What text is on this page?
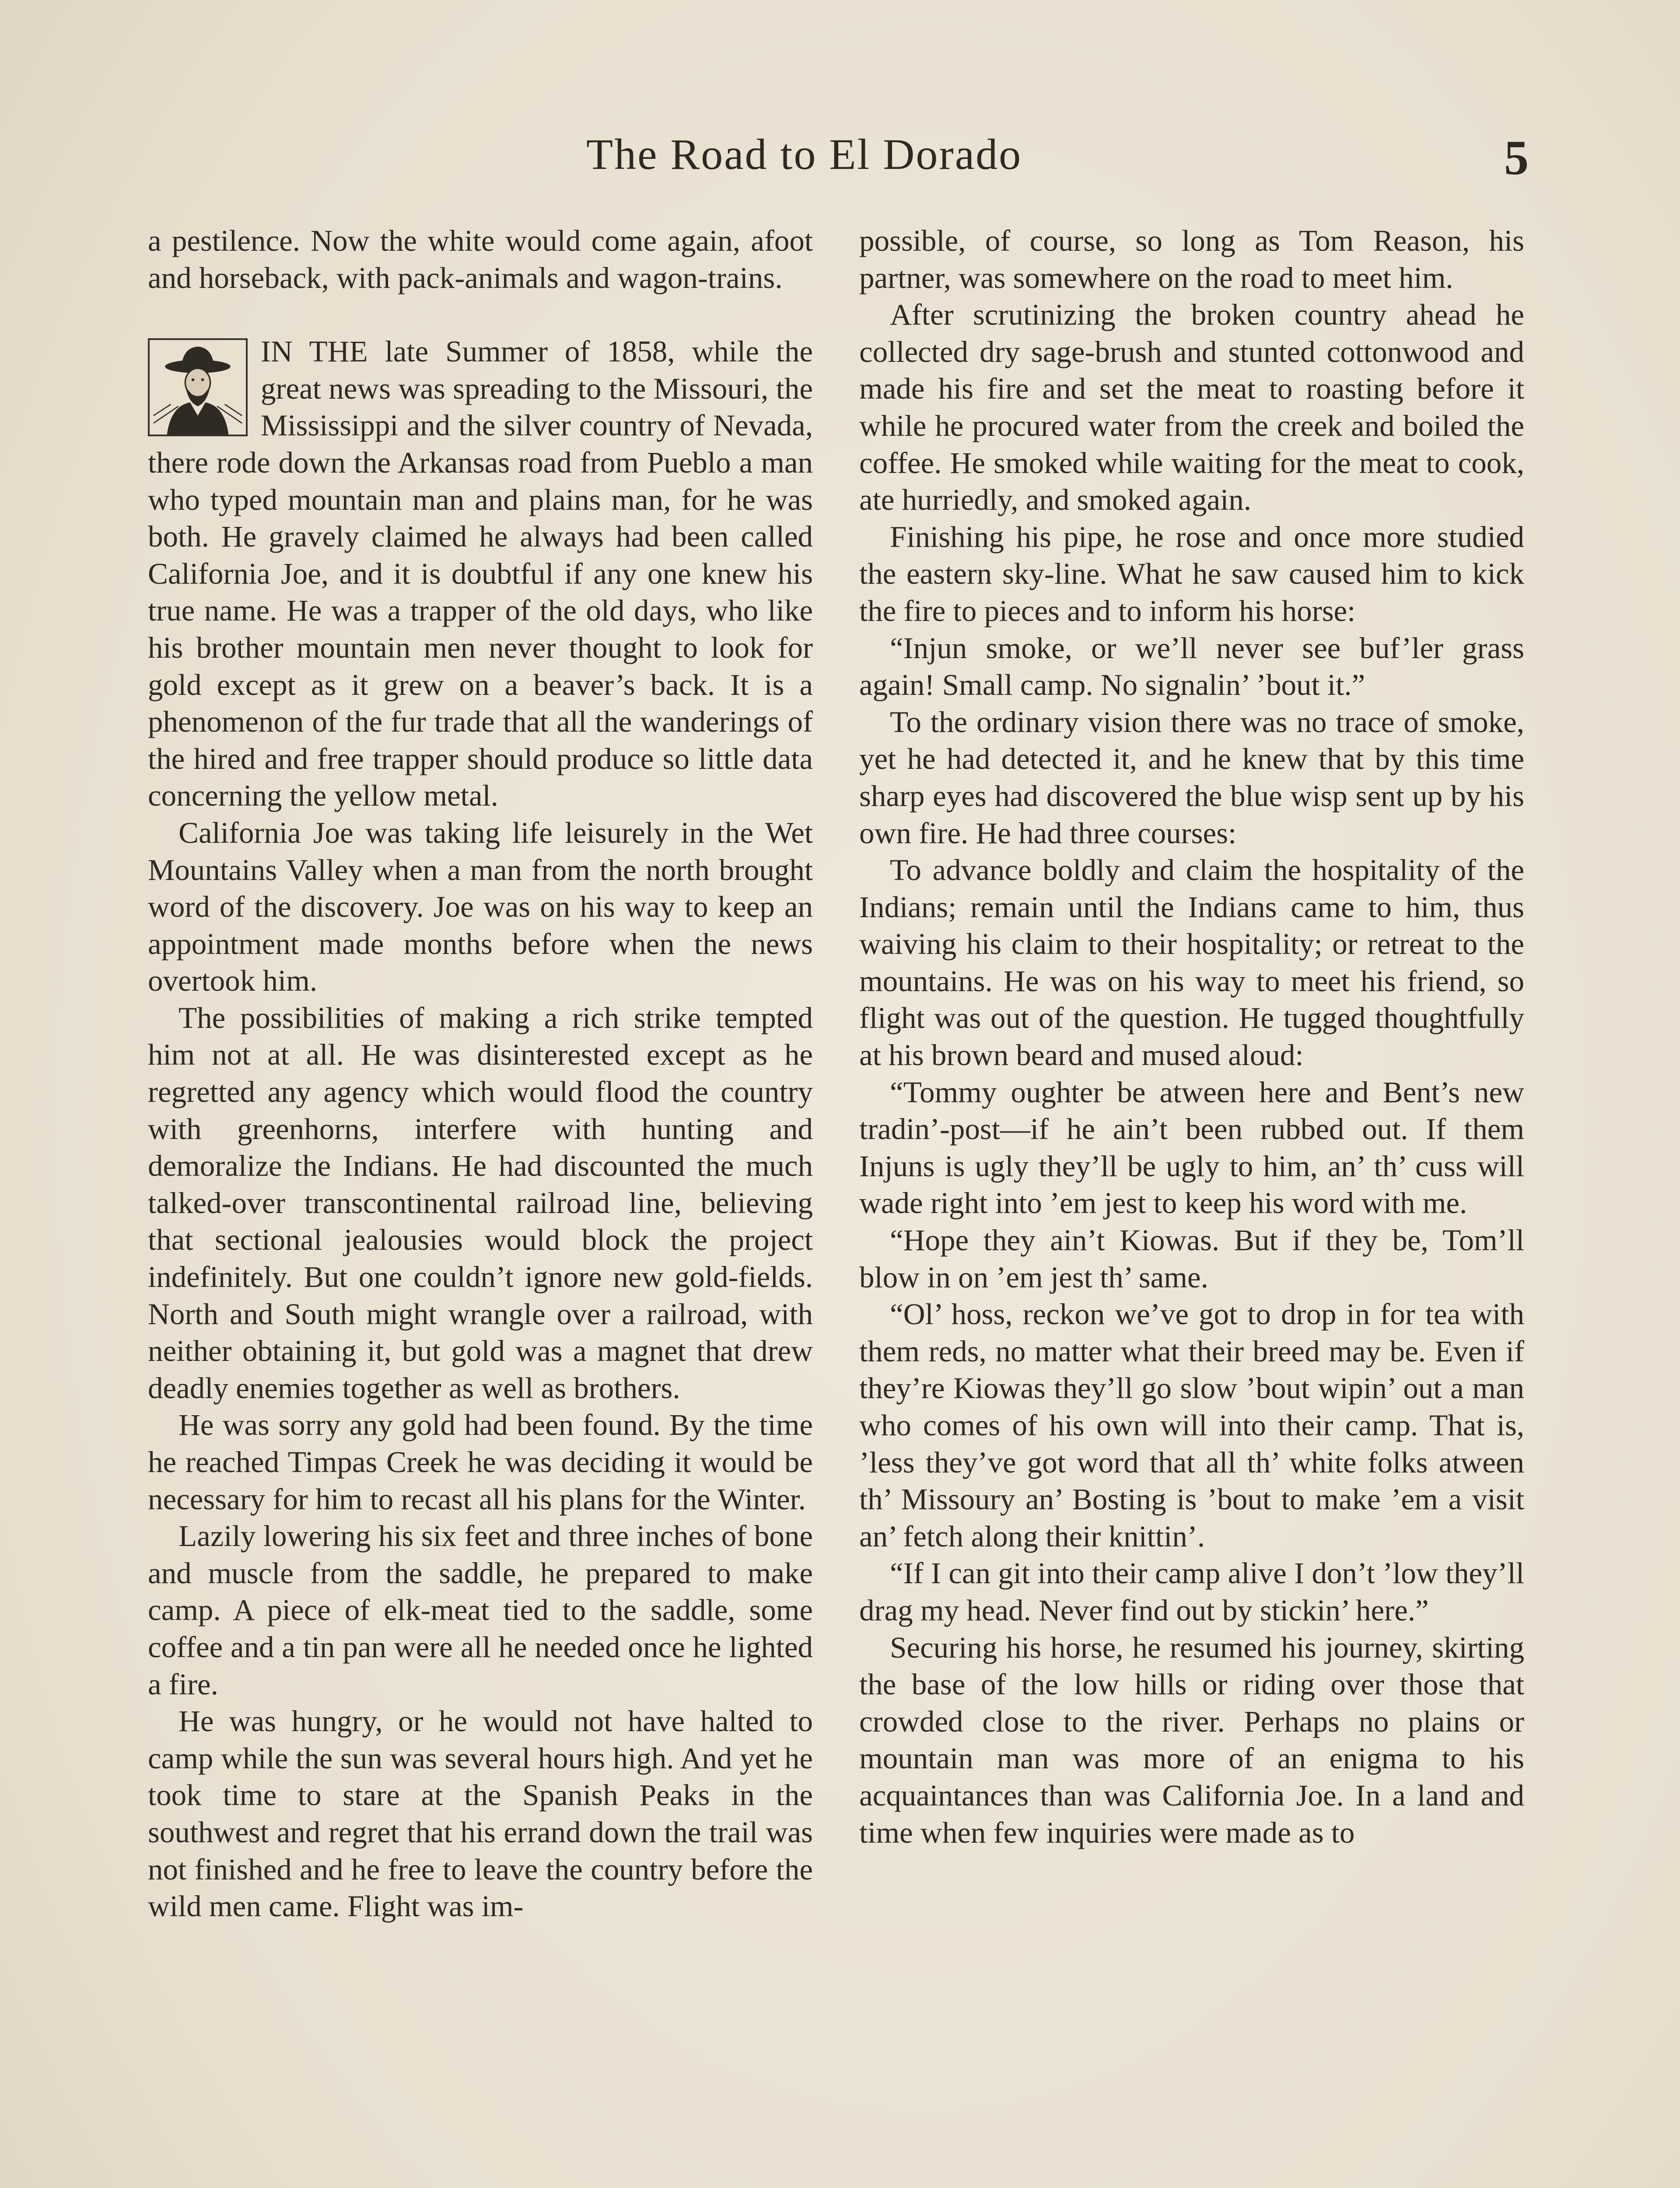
The Road to El Dorado	5

a pestilence. Now the white would come again, afoot and horseback, with pack-animals and wagon-trains.

IN THE late Summer of 1858, while the great news was spreading to the Missouri, the Mississippi and the silver country of Nevada, there rode down the Arkansas road from Pueblo a man who typed mountain man and plains man, for he was both. He gravely claimed he always had been called California Joe, and it is doubtful if any one knew his true name. He was a trapper of the old days, who like his brother mountain men never thought to look for gold except as it grew on a beaver’s back. It is a phenomenon of the fur trade that all the wanderings of the hired and free trapper should produce so little data concerning the yellow metal.

California Joe was taking life leisurely in the Wet Mountains Valley when a man from the north brought word of the discovery. Joe was on his way to keep an appointment made months before when the news overtook him.

The possibilities of making a rich strike tempted him not at all. He was disinterested except as he regretted any agency which would flood the country with greenhorns, interfere with hunting and demoralize the Indians. He had discounted the much talked-over transcontinental railroad line, believing that sectional jealousies would block the project indefinitely. But one couldn’t ignore new gold-fields. North and South might wrangle over a railroad, with neither obtaining it, but gold was a magnet that drew deadly enemies together as well as brothers.

He was sorry any gold had been found. By the time he reached Timpas Creek he was deciding it would be necessary for him to recast all his plans for the Winter.

Lazily lowering his six feet and three inches of bone and muscle from the saddle, he prepared to make camp. A piece of elk-meat tied to the saddle, some coffee and a tin pan were all he needed once he lighted a fire.

He was hungry, or he would not have halted to camp while the sun was several hours high. And yet he took time to stare at the Spanish Peaks in the southwest and regret that his errand down the trail was not finished and he free to leave the country before the wild men came. Flight was im-

possible, of course, so long as Tom Reason, his partner, was somewhere on the road to meet him.

After scrutinizing the broken country ahead he collected dry sage-brush and stunted cottonwood and made his fire and set the meat to roasting before it while he procured water from the creek and boiled the coffee. He smoked while waiting for the meat to cook, ate hurriedly, and smoked again.

Finishing his pipe, he rose and once more studied the eastern sky-line. What he saw caused him to kick the fire to pieces and to inform his horse:

“Injun smoke, or we’ll never see buf’ler grass again! Small camp. No signalin’ ’bout it.”

To the ordinary vision there was no trace of smoke, yet he had detected it, and he knew that by this time sharp eyes had discovered the blue wisp sent up by his own fire. He had three courses:

To advance boldly and claim the hospitality of the Indians; remain until the Indians came to him, thus waiving his claim to their hospitality; or retreat to the mountains. He was on his way to meet his friend, so flight was out of the question. He tugged thoughtfully at his brown beard and mused aloud:

“Tommy oughter be atween here and Bent’s new tradin’-post—if he ain’t been rubbed out. If them Injuns is ugly they’ll be ugly to him, an’ th’ cuss will wade right into ’em jest to keep his word with me.

“Hope they ain’t Kiowas. But if they be, Tom’ll blow in on ’em jest th’ same.

“Ol’ hoss, reckon we’ve got to drop in for tea with them reds, no matter what their breed may be. Even if they’re Kiowas they’ll go slow ’bout wipin’ out a man who comes of his own will into their camp. That is, ’less they’ve got word that all th’ white folks atween th’ Missoury an’ Bosting is ’bout to make ’em a visit an’ fetch along their knittin’.

“If I can git into their camp alive I don’t ’low they’ll drag my head. Never find out by stickin’ here.”

Securing his horse, he resumed his journey, skirting the base of the low hills or riding over those that crowded close to the river. Perhaps no plains or mountain man was more of an enigma to his acquaintances than was California Joe. In a land and time when few inquiries were made as to
